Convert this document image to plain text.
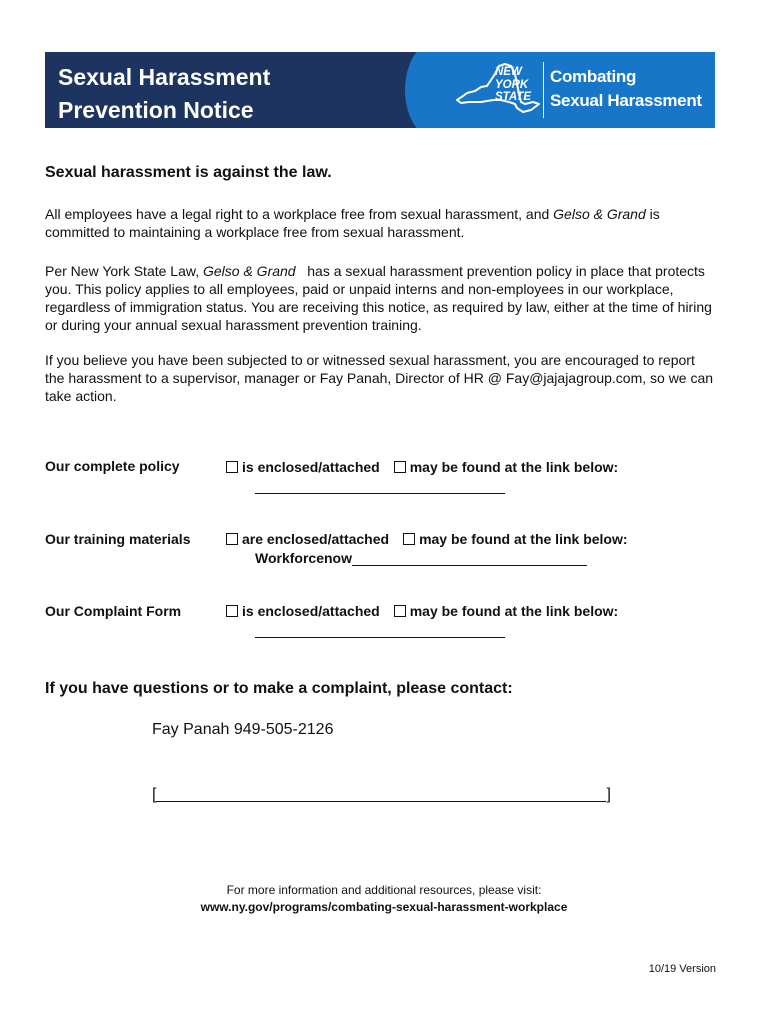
Sexual Harassment
Prevention Notice
NEW
YORK
STATE
Combating
Sexual Harassment
Sexual harassment is against the law.
All employees have a legal right to a workplace free from sexual harassment, and Gelso & Grand is committed to maintaining a workplace free from sexual harassment.
Per New York State Law, Gelso & Grand   has a sexual harassment prevention policy in place that protects you. This policy applies to all employees, paid or unpaid interns and non-employees in our workplace, regardless of immigration status. You are receiving this notice, as required by law, either at the time of hiring or during your annual sexual harassment prevention training.
If you believe you have been subjected to or witnessed sexual harassment, you are encouraged to report the harassment to a supervisor, manager or Fay Panah, Director of HR @ Fay@jajajagroup.com, so we can take action.
Our complete policy	is enclosed/attached may be found at the link below:
Our training materials	are enclosed/attached may be found at the link below:
Workforcenow
Our Complaint Form	is enclosed/attached may be found at the link below:
If you have questions or to make a complaint, please contact:
Fay Panah 949-505-2126
[	]
For more information and additional resources, please visit:
www.ny.gov/programs/combating-sexual-harassment-workplace
10/19 Version
